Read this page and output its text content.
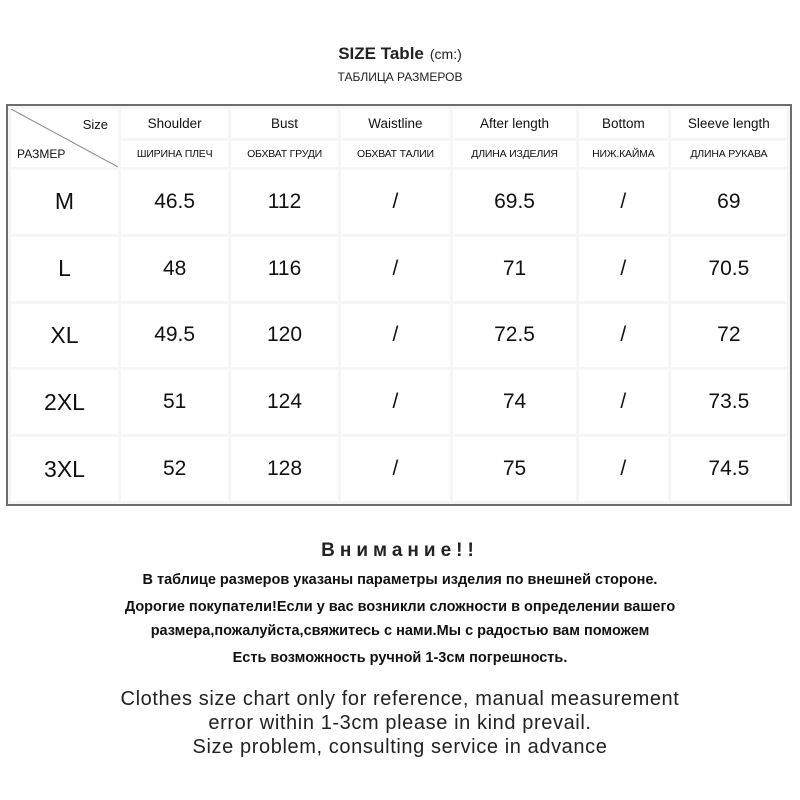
SIZE Table (cm:)
ТАБЛИЦА РАЗМЕРОВ
Size
РАЗМЕР	Shoulder	Bust	Waistline	After length	Bottom	Sleeve length
	ШИРИНА ПЛЕЧ	ОБХВАТ ГРУДИ	ОБХВАТ ТАЛИИ	ДЛИНА ИЗДЕЛИЯ	НИЖ.КАЙМА	ДЛИНА РУКАВА
M	46.5	112	/	69.5	/	69
L	48	116	/	71	/	70.5
XL	49.5	120	/	72.5	/	72
2XL	51	124	/	74	/	73.5
3XL	52	128	/	75	/	74.5
Внимание!!
В таблице размеров указаны параметры изделия по внешней стороне.
Дорогие покупатели!Если у вас возникли сложности в определении вашего
размера,пожалуйста,свяжитесь с нами.Мы с радостью вам поможем
Есть возможность ручной 1-3см погрешность.
Clothes size chart only for reference, manual measurement
error within 1-3cm please in kind prevail.
Size problem, consulting service in advance
